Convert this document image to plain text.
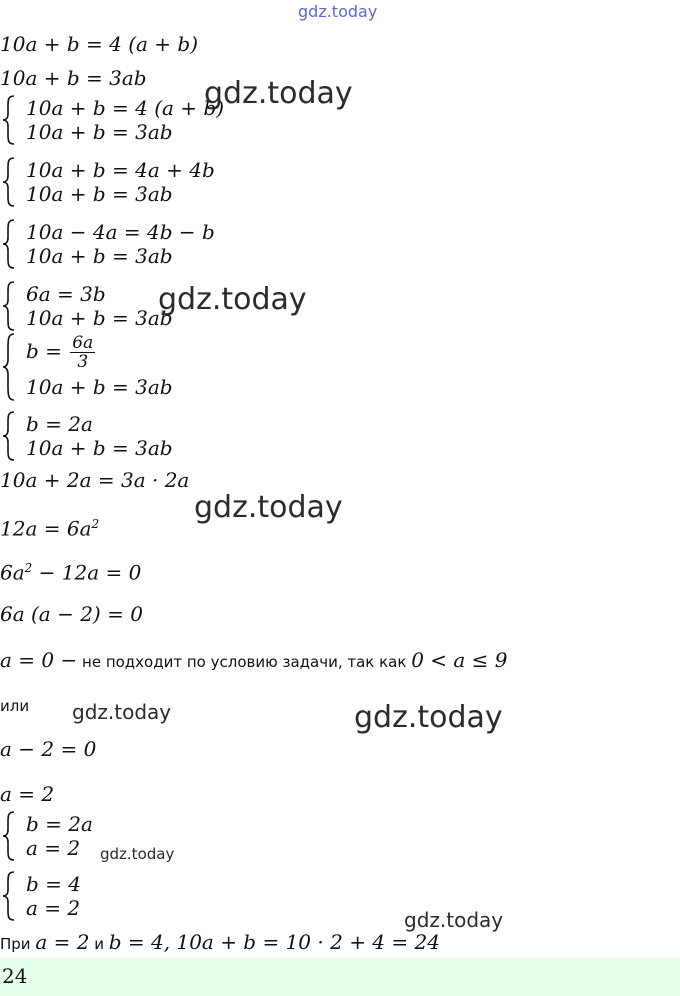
gdz.today
10a + b = 4 (a + b)
10a + b = 3ab
10a + b = 4 (a + b)
10a + b = 3ab
gdz.today
10a + b = 4a + 4b
10a + b = 3ab
10a − 4a = 4b − b
10a + b = 3ab
6a = 3b
10a + b = 3ab
gdz.today
$b = \frac{6a}{3}$
10a + b = 3ab
b = 2a
10a + b = 3ab
10a + 2a = 3a · 2a
$12a = 6a^2$	gdz.today
$6a^2 - 12a = 0$
6a (a − 2) = 0
a = 0 − не подходит по условию задачи, так как 0 < a ≤ 9
или gdz.today	gdz.today
a − 2 = 0
a = 2
b = 2a
a = 2 gdz.today
b = 4
a = 2	gdz.today
При a = 2 и b = 4, 10a + b = 10 · 2 + 4 = 24
24
